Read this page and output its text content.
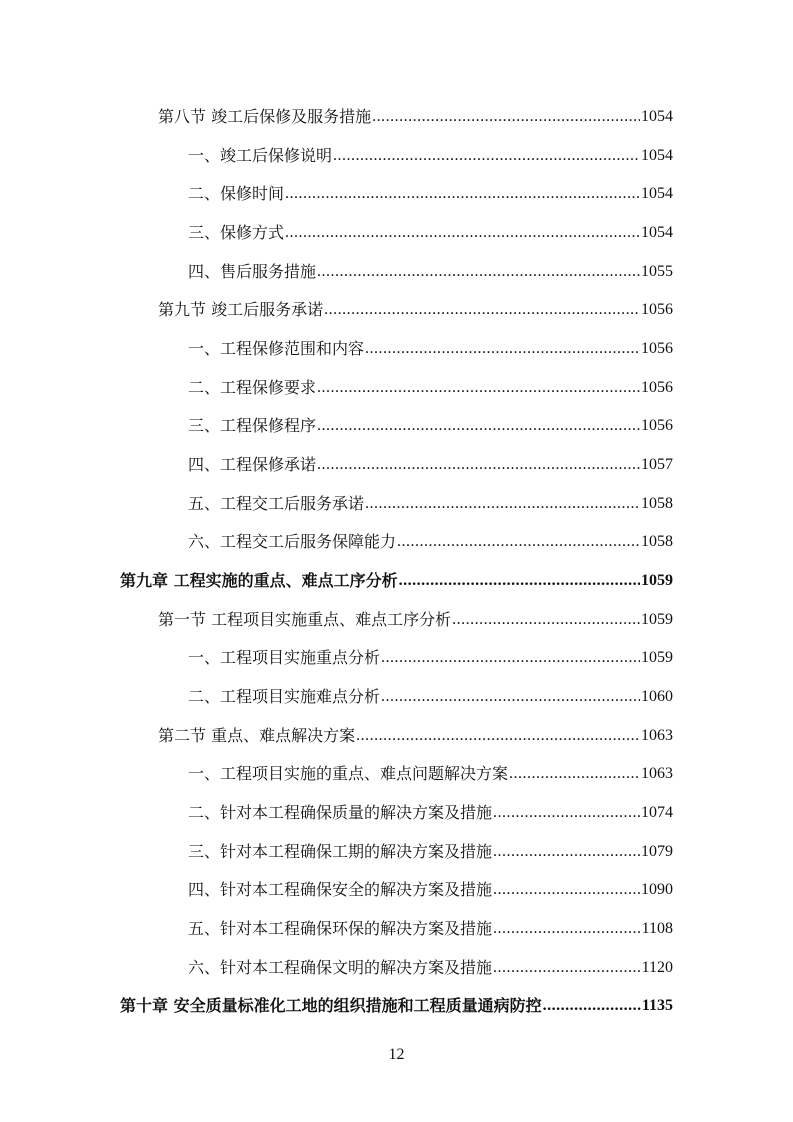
第八节 竣工后保修及服务措施 .....	1054
一、竣工后保修说明 .....	1054
二、保修时间 .....	1054
三、保修方式 .....	1054
四、售后服务措施 .....	1055
第九节 竣工后服务承诺 .....	1056
一、工程保修范围和内容 .....	1056
二、工程保修要求 .....	1056
三、工程保修程序 .....	1056
四、工程保修承诺 .....	1057
五、工程交工后服务承诺 .....	1058
六、工程交工后服务保障能力 .....	1058
第九章 工程实施的重点、难点工序分析 .....	1059
第一节 工程项目实施重点、难点工序分析 .....	1059
一、工程项目实施重点分析 .....	1059
二、工程项目实施难点分析 .....	1060
第二节 重点、难点解决方案 .....	1063
一、工程项目实施的重点、难点问题解决方案 .....	1063
二、针对本工程确保质量的解决方案及措施 .....	1074
三、针对本工程确保工期的解决方案及措施 .....	1079
四、针对本工程确保安全的解决方案及措施 .....	1090
五、针对本工程确保环保的解决方案及措施 .....	1108
六、针对本工程确保文明的解决方案及措施 .....	1120
第十章 安全质量标准化工地的组织措施和工程质量通病防控 .....	1135
12
